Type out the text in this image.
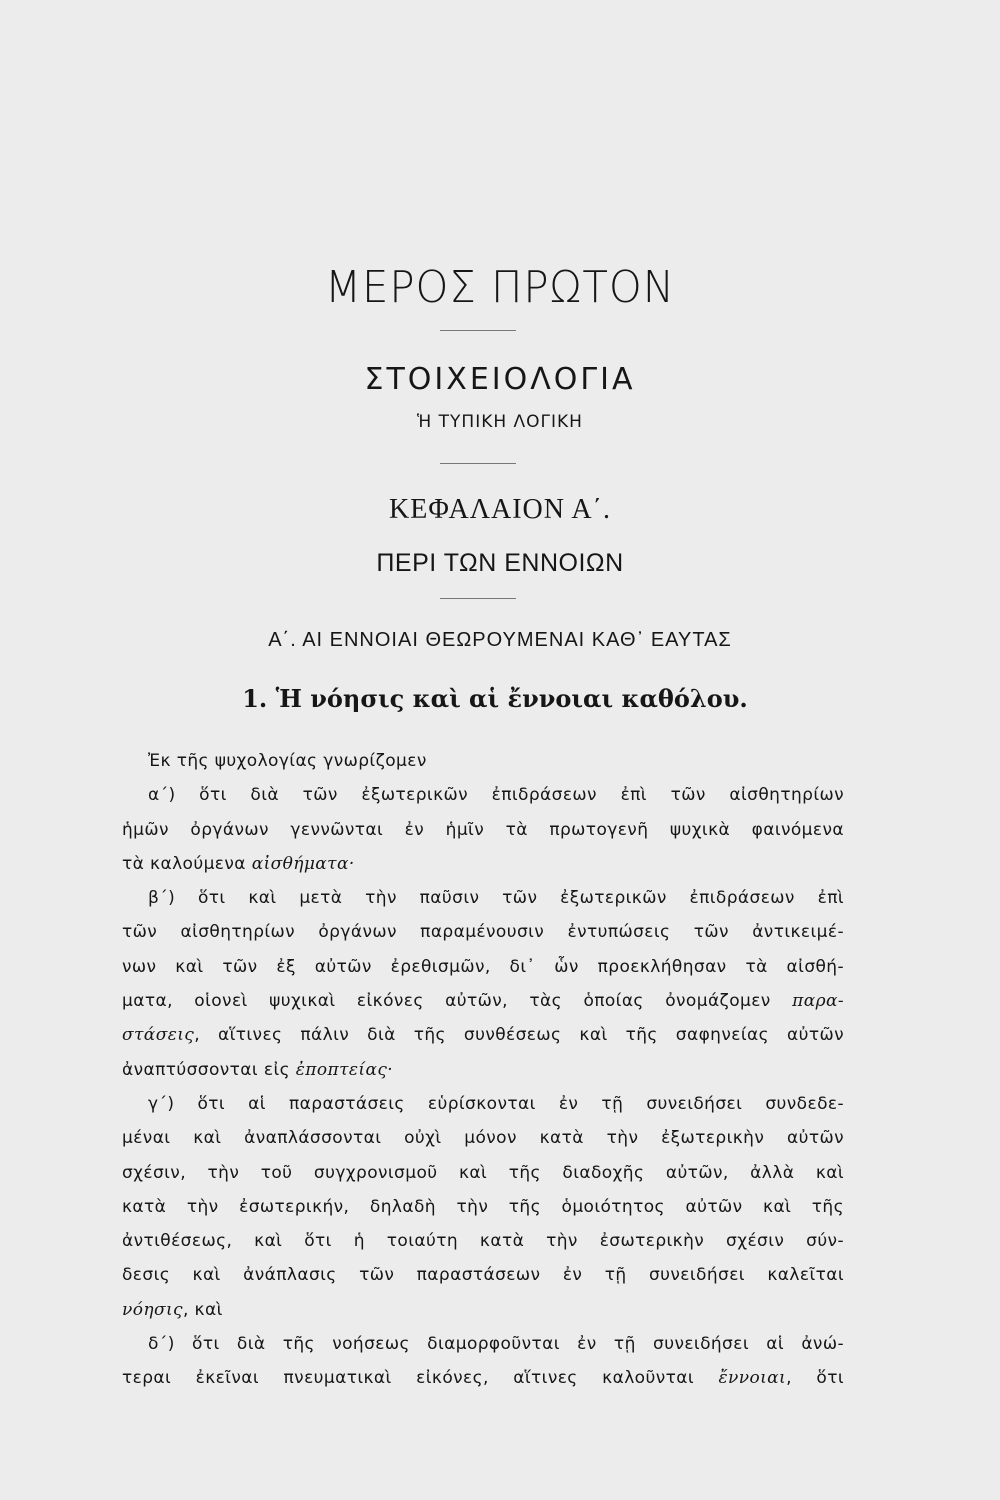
ΜΕΡΟΣ ΠΡΩΤΟΝ
ΣΤΟΙΧΕΙΟΛΟΓΙΑ
Ἡ ΤΥΠΙΚΗ ΛΟΓΙΚΗ
ΚΕΦΑΛΑΙΟΝ Α΄.
ΠΕΡΙ ΤΩΝ ΕΝΝΟΙΩΝ
Α΄. ΑΙ ΕΝΝΟΙΑΙ ΘΕΩΡΟΥΜΕΝΑΙ ΚΑΘ᾽ ΕΑΥΤΑΣ
1. Ἡ νόησις καὶ αἱ ἔννοιαι καθόλου.
Ἐκ τῆς ψυχολογίας γνωρίζομεν
α΄) ὅτι διὰ τῶν ἐξωτερικῶν ἐπιδράσεων ἐπὶ τῶν αἰσθητηρίων
ἡμῶν ὀργάνων γεννῶνται ἐν ἡμῖν τὰ πρωτογενῆ ψυχικὰ φαινόμενα
τὰ καλούμενα αἰσθήματα·
β΄) ὅτι καὶ μετὰ τὴν παῦσιν τῶν ἐξωτερικῶν ἐπιδράσεων ἐπὶ
τῶν αἰσθητηρίων ὀργάνων παραμένουσιν ἐντυπώσεις τῶν ἀντικειμέ-
νων καὶ τῶν ἐξ αὐτῶν ἐρεθισμῶν, δι᾽ ὧν προεκλήθησαν τὰ αἰσθή-
ματα, οἱονεὶ ψυχικαὶ εἰκόνες αὐτῶν, τὰς ὁποίας ὀνομάζομεν παρα-
στάσεις, αἵτινες πάλιν διὰ τῆς συνθέσεως καὶ τῆς σαφηνείας αὐτῶν
ἀναπτύσσονται εἰς ἐποπτείας·
γ΄) ὅτι αἱ παραστάσεις εὑρίσκονται ἐν τῇ συνειδήσει συνδεδε-
μέναι καὶ ἀναπλάσσονται οὐχὶ μόνον κατὰ τὴν ἐξωτερικὴν αὐτῶν
σχέσιν, τὴν τοῦ συγχρονισμοῦ καὶ τῆς διαδοχῆς αὐτῶν, ἀλλὰ καὶ
κατὰ τὴν ἐσωτερικήν, δηλαδὴ τὴν τῆς ὁμοιότητος αὐτῶν καὶ τῆς
ἀντιθέσεως, καὶ ὅτι ἡ τοιαύτη κατὰ τὴν ἐσωτερικὴν σχέσιν σύν-
δεσις καὶ ἀνάπλασις τῶν παραστάσεων ἐν τῇ συνειδήσει καλεῖται
νόησις, καὶ
δ΄) ὅτι διὰ τῆς νοήσεως διαμορφοῦνται ἐν τῇ συνειδήσει αἱ ἀνώ-
τεραι ἐκεῖναι πνευματικαὶ εἰκόνες, αἵτινες καλοῦνται ἔννοιαι, ὅτι
